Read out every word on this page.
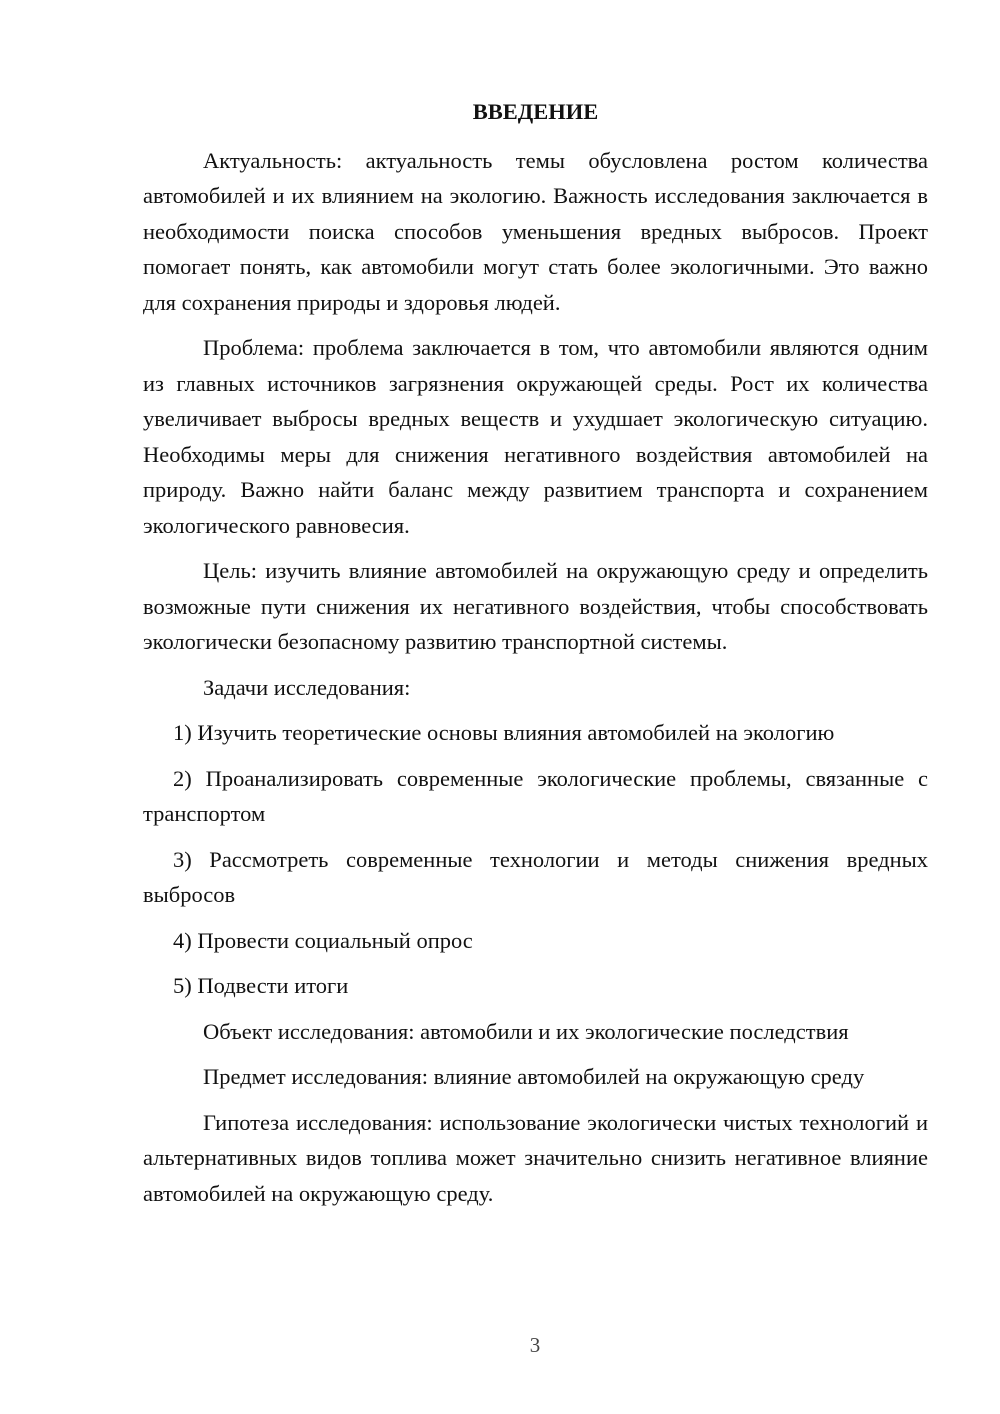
ВВЕДЕНИЕ

Актуальность: актуальность темы обусловлена ростом количества автомобилей и их влиянием на экологию. Важность исследования заключается в необходимости поиска способов уменьшения вредных выбросов. Проект помогает понять, как автомобили могут стать более экологичными. Это важно для сохранения природы и здоровья людей.

Проблема: проблема заключается в том, что автомобили являются одним из главных источников загрязнения окружающей среды. Рост их количества увеличивает выбросы вредных веществ и ухудшает экологическую ситуацию. Необходимы меры для снижения негативного воздействия автомобилей на природу. Важно найти баланс между развитием транспорта и сохранением экологического равновесия.

Цель: изучить влияние автомобилей на окружающую среду и определить возможные пути снижения их негативного воздействия, чтобы способствовать экологически безопасному развитию транспортной системы.

Задачи исследования:

1) Изучить теоретические основы влияния автомобилей на экологию

2) Проанализировать современные экологические проблемы, связанные с транспортом

3) Рассмотреть современные технологии и методы снижения вредных выбросов

4) Провести социальный опрос

5) Подвести итоги

Объект исследования: автомобили и их экологические последствия

Предмет исследования: влияние автомобилей на окружающую среду

Гипотеза исследования: использование экологически чистых технологий и альтернативных видов топлива может значительно снизить негативное влияние автомобилей на окружающую среду.

3
